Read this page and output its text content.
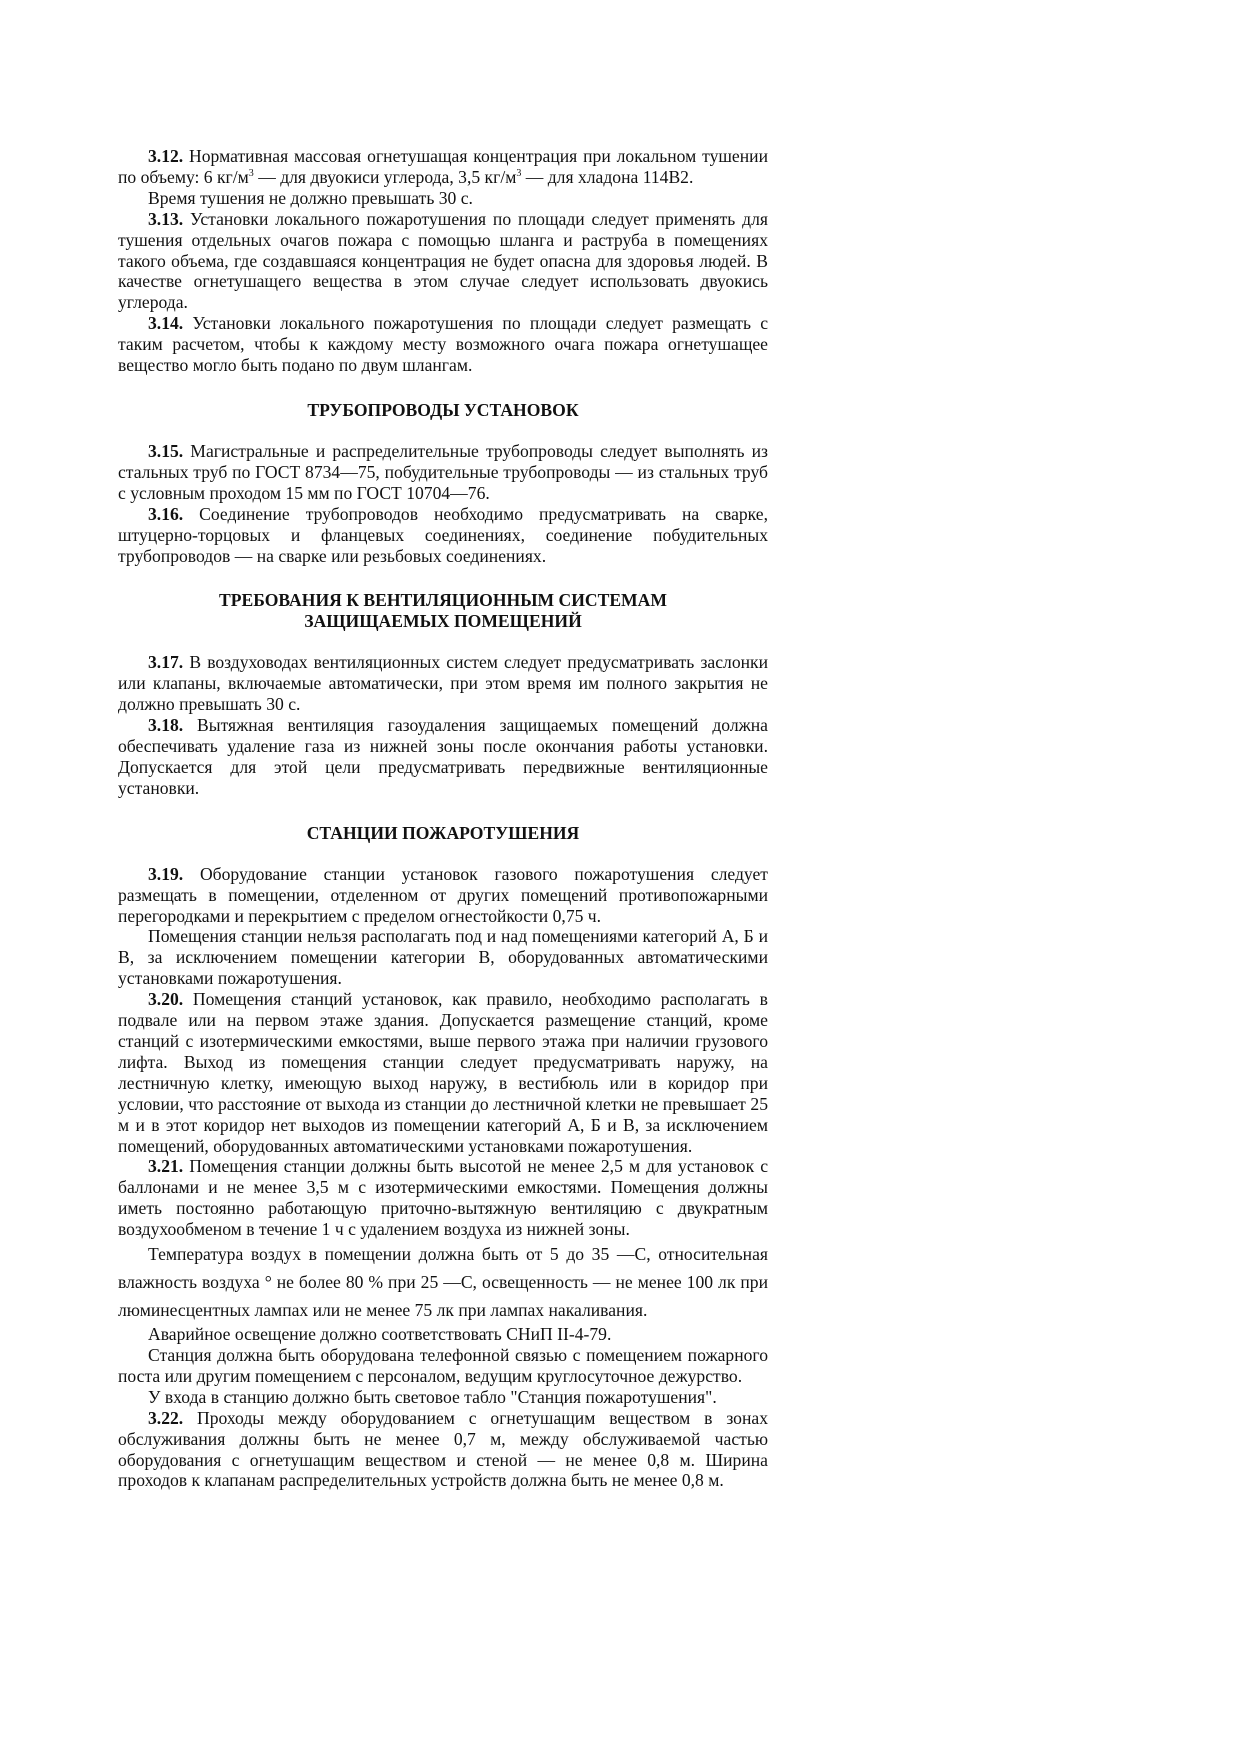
3.12. Нормативная массовая огнетушащая концентрация при локальном тушении по объему: 6 $кг/м^3$ — для двуокиси углерода, 3,5 $кг/м^3$ — для хладона 114В2.

Время тушения не должно превышать 30 с.

3.13. Установки локального пожаротушения по площади следует применять для тушения отдельных очагов пожара с помощью шланга и раструба в помещениях такого объема, где создавшаяся концентрация не будет опасна для здоровья людей. В качестве огнетушащего вещества в этом случае следует использовать двуокись углерода.

3.14. Установки локального пожаротушения по площади следует размещать с таким расчетом, чтобы к каждому месту возможного очага пожара огнетушащее вещество могло быть подано по двум шлангам.

ТРУБОПРОВОДЫ УСТАНОВОК

3.15. Магистральные и распределительные трубопроводы следует выполнять из стальных труб по ГОСТ 8734—75, побудительные трубопроводы — из стальных труб с условным проходом 15 мм по ГОСТ 10704—76.

3.16. Соединение трубопроводов необходимо предусматривать на сварке, штуцерно-торцовых и фланцевых соединениях, соединение побудительных трубопроводов — на сварке или резьбовых соединениях.

ТРЕБОВАНИЯ К ВЕНТИЛЯЦИОННЫМ СИСТЕМАМ
ЗАЩИЩАЕМЫХ ПОМЕЩЕНИЙ

3.17. В воздуховодах вентиляционных систем следует предусматривать заслонки или клапаны, включаемые автоматически, при этом время им полного закрытия не должно превышать 30 с.

3.18. Вытяжная вентиляция газоудаления защищаемых помещений должна обеспечивать удаление газа из нижней зоны после окончания работы установки. Допускается для этой цели предусматривать передвижные вентиляционные установки.

СТАНЦИИ ПОЖАРОТУШЕНИЯ

3.19. Оборудование станции установок газового пожаротушения следует размещать в помещении, отделенном от других помещений противопожарными перегородками и перекрытием с пределом огнестойкости 0,75 ч.

Помещения станции нельзя располагать под и над помещениями категорий А, Б и В, за исключением помещении категории В, оборудованных автоматическими установками пожаротушения.

3.20. Помещения станций установок, как правило, необходимо располагать в подвале или на первом этаже здания. Допускается размещение станций, кроме станций с изотермическими емкостями, выше первого этажа при наличии грузового лифта. Выход из помещения станции следует предусматривать наружу, на лестничную клетку, имеющую выход наружу, в вестибюль или в коридор при условии, что расстояние от выхода из станции до лестничной клетки не превышает 25 м и в этот коридор нет выходов из помещении категорий А, Б и В, за исключением помещений, оборудованных автоматическими установками пожаротушения.

3.21. Помещения станции должны быть высотой не менее 2,5 м для установок с баллонами и не менее 3,5 м с изотермическими емкостями. Помещения должны иметь постоянно работающую приточно-вытяжную вентиляцию с двукратным воздухообменом в течение 1 ч с удалением воздуха из нижней зоны.

Температура воздух в помещении должна быть от 5 до 35 —С, относительная влажность воздуха ° не более 80 % при 25 —С, освещенность — не менее 100 лк при люминесцентных лампах или не менее 75 лк при лампах накаливания.

Аварийное освещение должно соответствовать СНиП II-4-79.

Станция должна быть оборудована телефонной связью с помещением пожарного поста или другим помещением с персоналом, ведущим круглосуточное дежурство.

У входа в станцию должно быть световое табло "Станция пожаротушения".

3.22. Проходы между оборудованием с огнетушащим веществом в зонах обслуживания должны быть не менее 0,7 м, между обслуживаемой частью оборудования с огнетушащим веществом и стеной — не менее 0,8 м. Ширина проходов к клапанам распределительных устройств должна быть не менее 0,8 м.
